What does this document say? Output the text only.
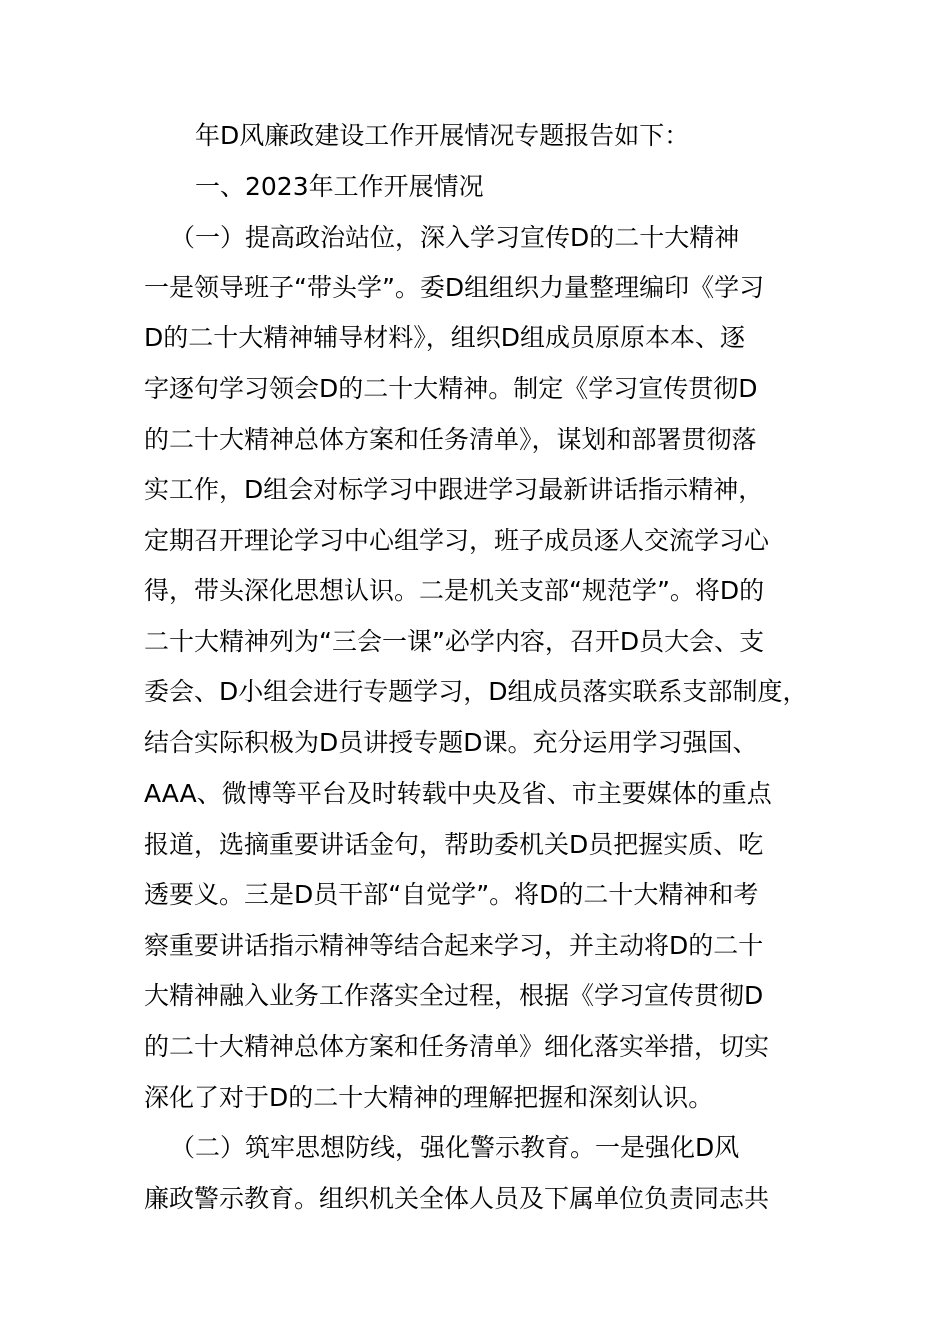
年D风廉政建设工作开展情况专题报告如下：
一、2023年工作开展情况
（一）提高政治站位，深入学习宣传D的二十大精神
一是领导班子“带头学”。委D组组织力量整理编印《学习
D的二十大精神辅导材料》，组织D组成员原原本本、逐
字逐句学习领会D的二十大精神。制定《学习宣传贯彻D
的二十大精神总体方案和任务清单》，谋划和部署贯彻落
实工作，D组会对标学习中跟进学习最新讲话指示精神，
定期召开理论学习中心组学习，班子成员逐人交流学习心
得，带头深化思想认识。二是机关支部“规范学”。将D的
二十大精神列为“三会一课”必学内容，召开D员大会、支
委会、D小组会进行专题学习，D组成员落实联系支部制度，
结合实际积极为D员讲授专题D课。充分运用学习强国、
AAA、微博等平台及时转载中央及省、市主要媒体的重点
报道，选摘重要讲话金句，帮助委机关D员把握实质、吃
透要义。三是D员干部“自觉学”。将D的二十大精神和考
察重要讲话指示精神等结合起来学习，并主动将D的二十
大精神融入业务工作落实全过程，根据《学习宣传贯彻D
的二十大精神总体方案和任务清单》细化落实举措，切实
深化了对于D的二十大精神的理解把握和深刻认识。
（二）筑牢思想防线，强化警示教育。一是强化D风
廉政警示教育。组织机关全体人员及下属单位负责同志共
